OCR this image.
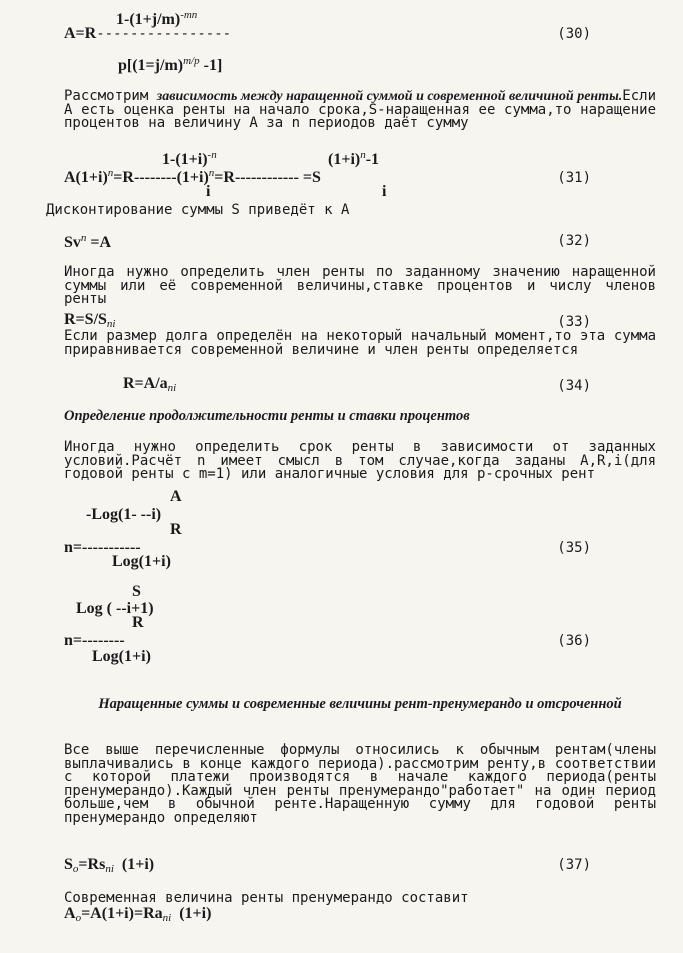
$1-(1+j/m)^{-mn}$
A=R----------------
p[(1=j/m)$^{m/p}$ -1]
(30)
Рассмотрим зависимость между наращенной суммой и современной величиной ренты.Если А есть оценка ренты на начало срока,S-наращенная ее сумма,то наращение процентов на величину А за n периодов даёт сумму
$1-(1+i)^{-n}$	$(1+i)^n-1$
$A(1+i)^n=R--------(1+i)^n=R------------ =S$
i	i
(31)
Дисконтирование суммы S приведёт к А
$Sv^n =A$	(32)
Иногда нужно определить член ренты по заданному значению наращенной суммы или её современной величины,ставке процентов и числу членов ренты
$R=S/S_{ni}$	(33)
Если размер долга определён на некоторый начальный момент,то эта сумма приравнивается современной величине и член ренты определяется
$R=A/a_{ni}$	(34)
Определение продолжительности ренты и ставки процентов
Иногда нужно определить срок ренты в зависимости от заданных условий.Расчёт n имеет смысл в том случае,когда заданы A,R,i(для годовой ренты с m=1) или аналогичные условия для p-срочных рент
A
-Log(1- --i)
R
n=-----------
Log(1+i)
(35)
S
Log ( --i+1)
R
n=--------
Log(1+i)
(36)
Наращенные суммы и современные величины рент-пренумерандо и отсроченной
Все выше перечисленные формулы относились к обычным рентам(члены выплачивались в конце каждого периода).рассмотрим ренту,в соответствии с которой платежи производятся в начале каждого периода(ренты пренумерандо).Каждый член ренты пренумерандо"работает" на один период больше,чем в обычной ренте.Наращенную сумму для годовой ренты пренумерандо определяют
$S_o=Rs_{ni}$  (1+i)	(37)
Современная величина ренты пренумерандо составит
$A_o=A(1+i)=Ra_{ni}$  (1+i)
